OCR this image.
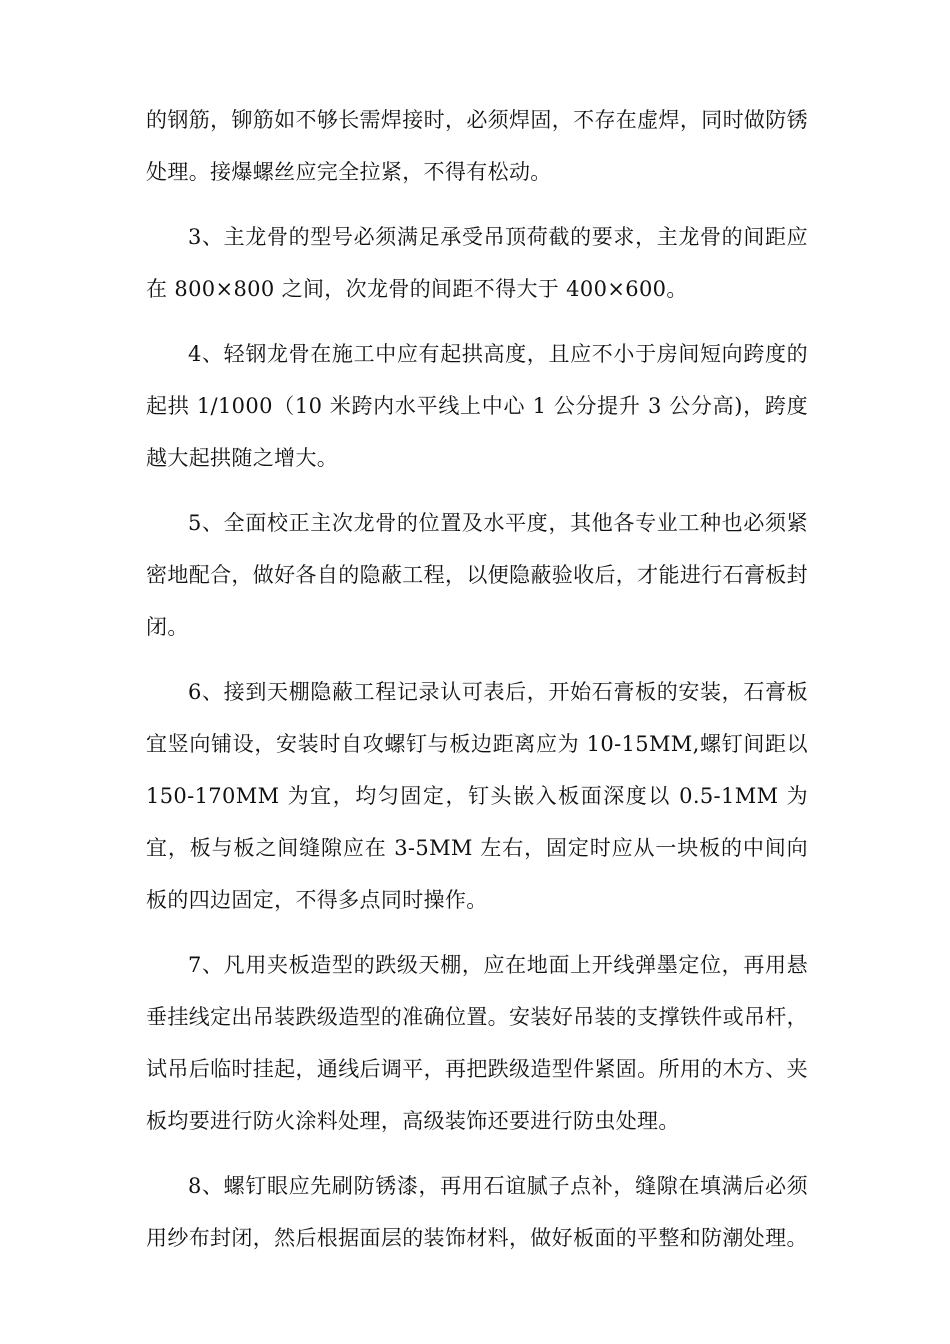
的钢筋，铆筋如不够长需焊接时，必须焊固，不存在虚焊，同时做防锈处理。接爆螺丝应完全拉紧，不得有松动。

3、主龙骨的型号必须满足承受吊顶荷截的要求，主龙骨的间距应在 800×800 之间，次龙骨的间距不得大于 400×600。

4、轻钢龙骨在施工中应有起拱高度，且应不小于房间短向跨度的起拱 1/1000（10 米跨内水平线上中心 1 公分提升 3 公分高)，跨度越大起拱随之增大。

5、全面校正主次龙骨的位置及水平度，其他各专业工种也必须紧密地配合，做好各自的隐蔽工程，以便隐蔽验收后，才能进行石膏板封闭。

6、接到天棚隐蔽工程记录认可表后，开始石膏板的安装，石膏板宜竖向铺设，安装时自攻螺钉与板边距离应为 10-15MM,螺钉间距以 150-170MM 为宜，均匀固定，钉头嵌入板面深度以 0.5-1MM 为宜，板与板之间缝隙应在 3-5MM 左右，固定时应从一块板的中间向板的四边固定，不得多点同时操作。

7、凡用夹板造型的跌级天棚，应在地面上开线弹墨定位，再用悬垂挂线定出吊装跌级造型的准确位置。安装好吊装的支撑铁件或吊杆，试吊后临时挂起，通线后调平，再把跌级造型件紧固。所用的木方、夹板均要进行防火涂料处理，高级装饰还要进行防虫处理。

8、螺钉眼应先刷防锈漆，再用石谊腻子点补，缝隙在填满后必须用纱布封闭，然后根据面层的装饰材料，做好板面的平整和防潮处理。
